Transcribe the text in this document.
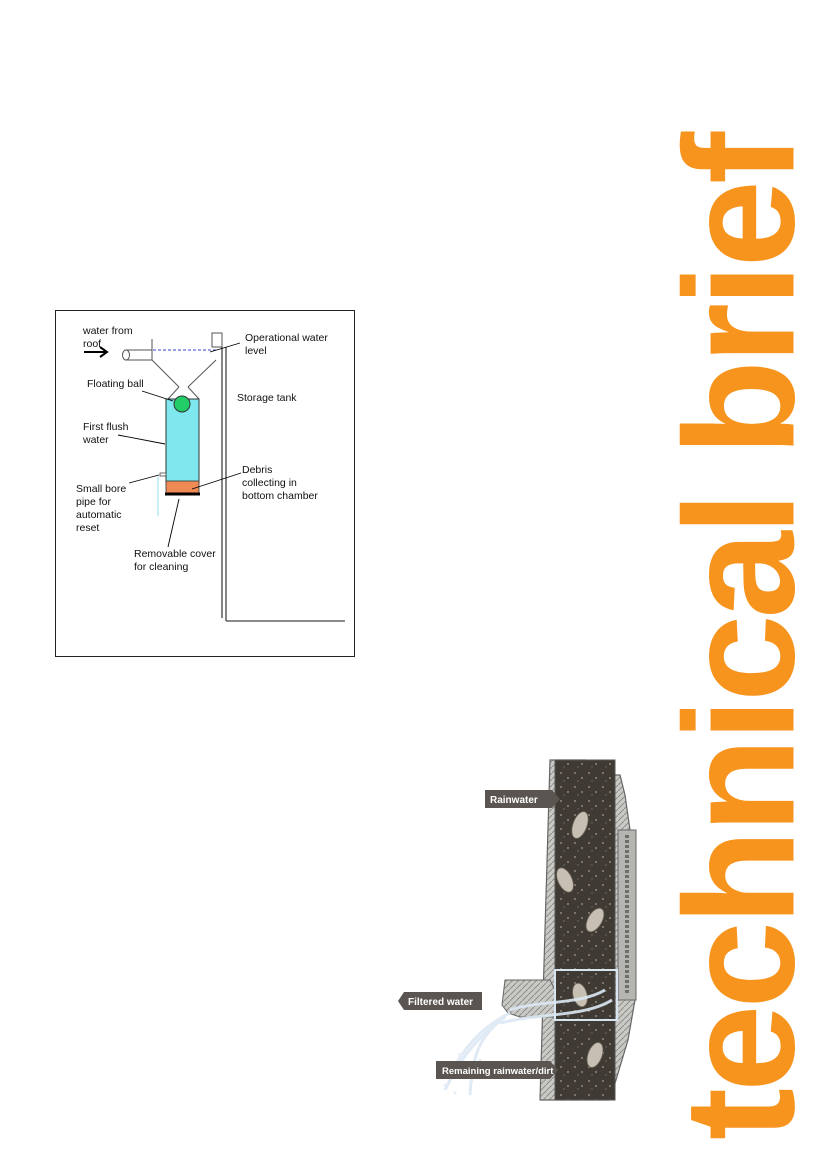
water from
roof	Operational water
level
Floating ball
Storage tank
First flush
water
Small bore
pipe for
automatic
reset
Debris
collecting in
bottom chamber
Removable cover
for cleaning
Rainwater
Filtered water
Remaining rainwater/dirt technical brief
